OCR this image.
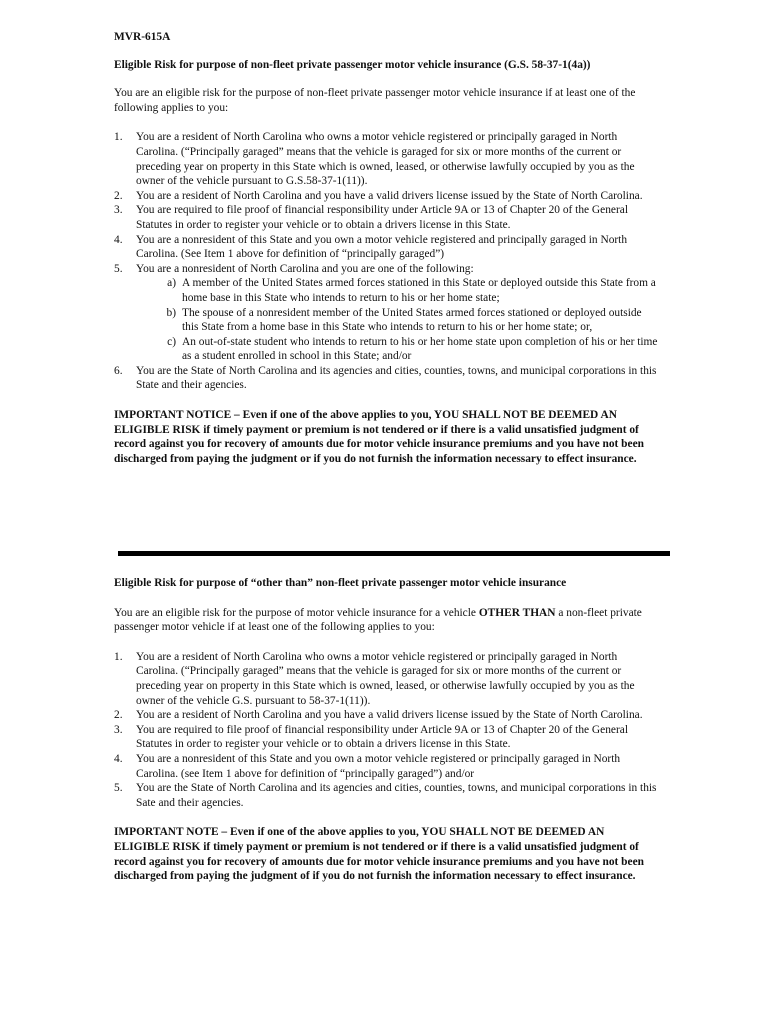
MVR-615A
Eligible Risk for purpose of non-fleet private passenger motor vehicle insurance (G.S. 58-37-1(4a))
You are an eligible risk for the purpose of non-fleet private passenger motor vehicle insurance if at least one of the following applies to you:
1.	You are a resident of North Carolina who owns a motor vehicle registered or principally garaged in North Carolina. (“Principally garaged” means that the vehicle is garaged for six or more months of the current or preceding year on property in this State which is owned, leased, or otherwise lawfully occupied by you as the owner of the vehicle pursuant to G.S.58-37-1(11)).
2.	You are a resident of North Carolina and you have a valid drivers license issued by the State of North Carolina.
3.	You are required to file proof of financial responsibility under Article 9A or 13 of Chapter 20 of the General Statutes in order to register your vehicle or to obtain a drivers license in this State.
4.	You are a nonresident of this State and you own a motor vehicle registered and principally garaged in North Carolina. (See Item 1 above for definition of “principally garaged”)
5.	You are a nonresident of North Carolina and you are one of the following:
a) A member of the United States armed forces stationed in this State or deployed outside this State from a home base in this State who intends to return to his or her home state;
b) The spouse of a nonresident member of the United States armed forces stationed or deployed outside this State from a home base in this State who intends to return to his or her home state; or,
c) An out-of-state student who intends to return to his or her home state upon completion of his or her time as a student enrolled in school in this State; and/or
6.	You are the State of North Carolina and its agencies and cities, counties, towns, and municipal corporations in this State and their agencies.
IMPORTANT NOTICE – Even if one of the above applies to you, YOU SHALL NOT BE DEEMED AN ELIGIBLE RISK if timely payment or premium is not tendered or if there is a valid unsatisfied judgment of record against you for recovery of amounts due for motor vehicle insurance premiums and you have not been discharged from paying the judgment or if you do not furnish the information necessary to effect insurance.
Eligible Risk for purpose of “other than” non-fleet private passenger motor vehicle insurance
You are an eligible risk for the purpose of motor vehicle insurance for a vehicle OTHER THAN a non-fleet private passenger motor vehicle if at least one of the following applies to you:
1.	You are a resident of North Carolina who owns a motor vehicle registered or principally garaged in North Carolina. (“Principally garaged” means that the vehicle is garaged for six or more months of the current or preceding year on property in this State which is owned, leased, or otherwise lawfully occupied by you as the owner of the vehicle G.S. pursuant to 58-37-1(11)).
2.	You are a resident of North Carolina and you have a valid drivers license issued by the State of North Carolina.
3.	You are required to file proof of financial responsibility under Article 9A or 13 of Chapter 20 of the General Statutes in order to register your vehicle or to obtain a drivers license in this State.
4.	You are a nonresident of this State and you own a motor vehicle registered or principally garaged in North Carolina. (see Item 1 above for definition of “principally garaged”) and/or
5.	You are the State of North Carolina and its agencies and cities, counties, towns, and municipal corporations in this Sate and their agencies.
IMPORTANT NOTE – Even if one of the above applies to you, YOU SHALL NOT BE DEEMED AN ELIGIBLE RISK if timely payment or premium is not tendered or if there is a valid unsatisfied judgment of record against you for recovery of amounts due for motor vehicle insurance premiums and you have not been discharged from paying the judgment of if you do not furnish the information necessary to effect insurance.
